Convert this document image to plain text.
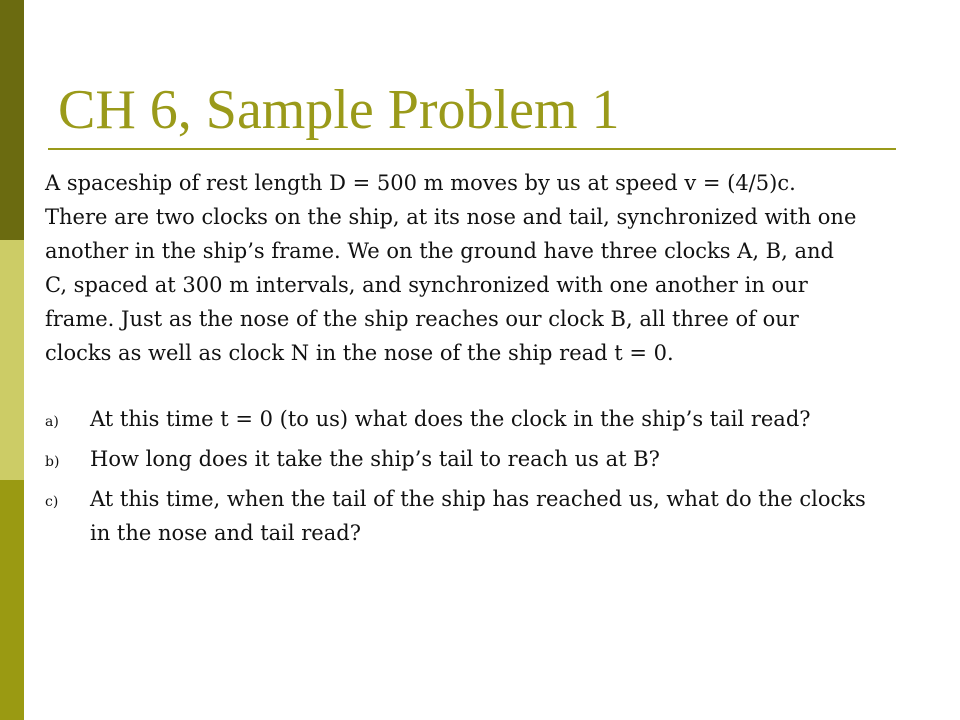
CH 6, Sample Problem 1

A spaceship of rest length D = 500 m moves by us at speed v = (4/5)c.
There are two clocks on the ship, at its nose and tail, synchronized with one
another in the ship’s frame. We on the ground have three clocks A, B, and
C, spaced at 300 m intervals, and synchronized with one another in our
frame. Just as the nose of the ship reaches our clock B, all three of our
clocks as well as clock N in the nose of the ship read t = 0.

a) At this time t = 0 (to us) what does the clock in the ship’s tail read?
b) How long does it take the ship’s tail to reach us at B?
c) At this time, when the tail of the ship has reached us, what do the clocks
in the nose and tail read?
